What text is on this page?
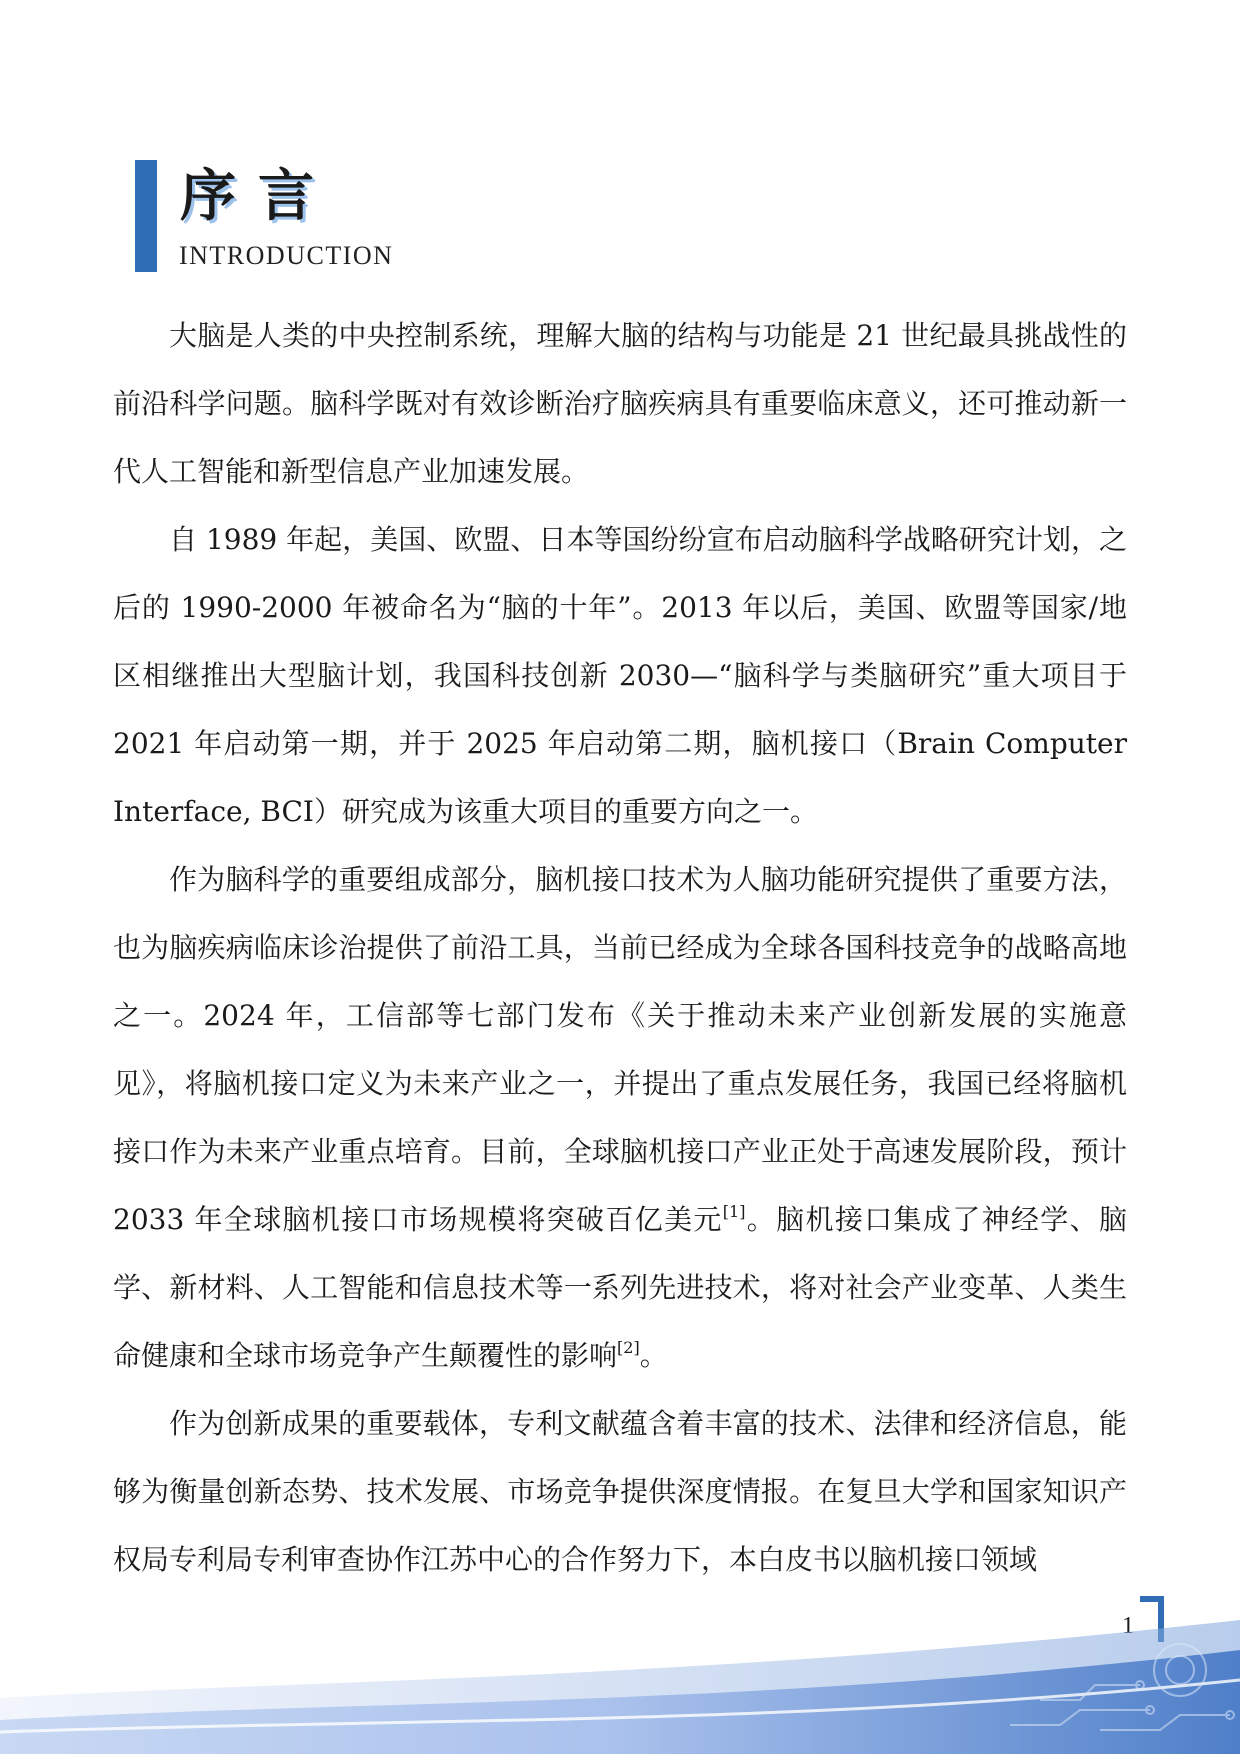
序言
INTRODUCTION

大脑是人类的中央控制系统，理解大脑的结构与功能是 21 世纪最具挑战性的前沿科学问题。脑科学既对有效诊断治疗脑疾病具有重要临床意义，还可推动新一代人工智能和新型信息产业加速发展。

自 1989 年起，美国、欧盟、日本等国纷纷宣布启动脑科学战略研究计划，之后的 1990-2000 年被命名为“脑的十年”。2013 年以后，美国、欧盟等国家/地区相继推出大型脑计划，我国科技创新 2030—“脑科学与类脑研究”重大项目于 2021 年启动第一期，并于 2025 年启动第二期，脑机接口（Brain Computer Interface, BCI）研究成为该重大项目的重要方向之一。

作为脑科学的重要组成部分，脑机接口技术为人脑功能研究提供了重要方法，也为脑疾病临床诊治提供了前沿工具，当前已经成为全球各国科技竞争的战略高地之一。2024 年，工信部等七部门发布《关于推动未来产业创新发展的实施意见》，将脑机接口定义为未来产业之一，并提出了重点发展任务，我国已经将脑机接口作为未来产业重点培育。目前，全球脑机接口产业正处于高速发展阶段，预计 2033 年全球脑机接口市场规模将突破百亿美元[1]。脑机接口集成了神经学、脑学、新材料、人工智能和信息技术等一系列先进技术，将对社会产业变革、人类生命健康和全球市场竞争产生颠覆性的影响[2]。

作为创新成果的重要载体，专利文献蕴含着丰富的技术、法律和经济信息，能够为衡量创新态势、技术发展、市场竞争提供深度情报。在复旦大学和国家知识产权局专利局专利审查协作江苏中心的合作努力下，本白皮书以脑机接口领域

1
